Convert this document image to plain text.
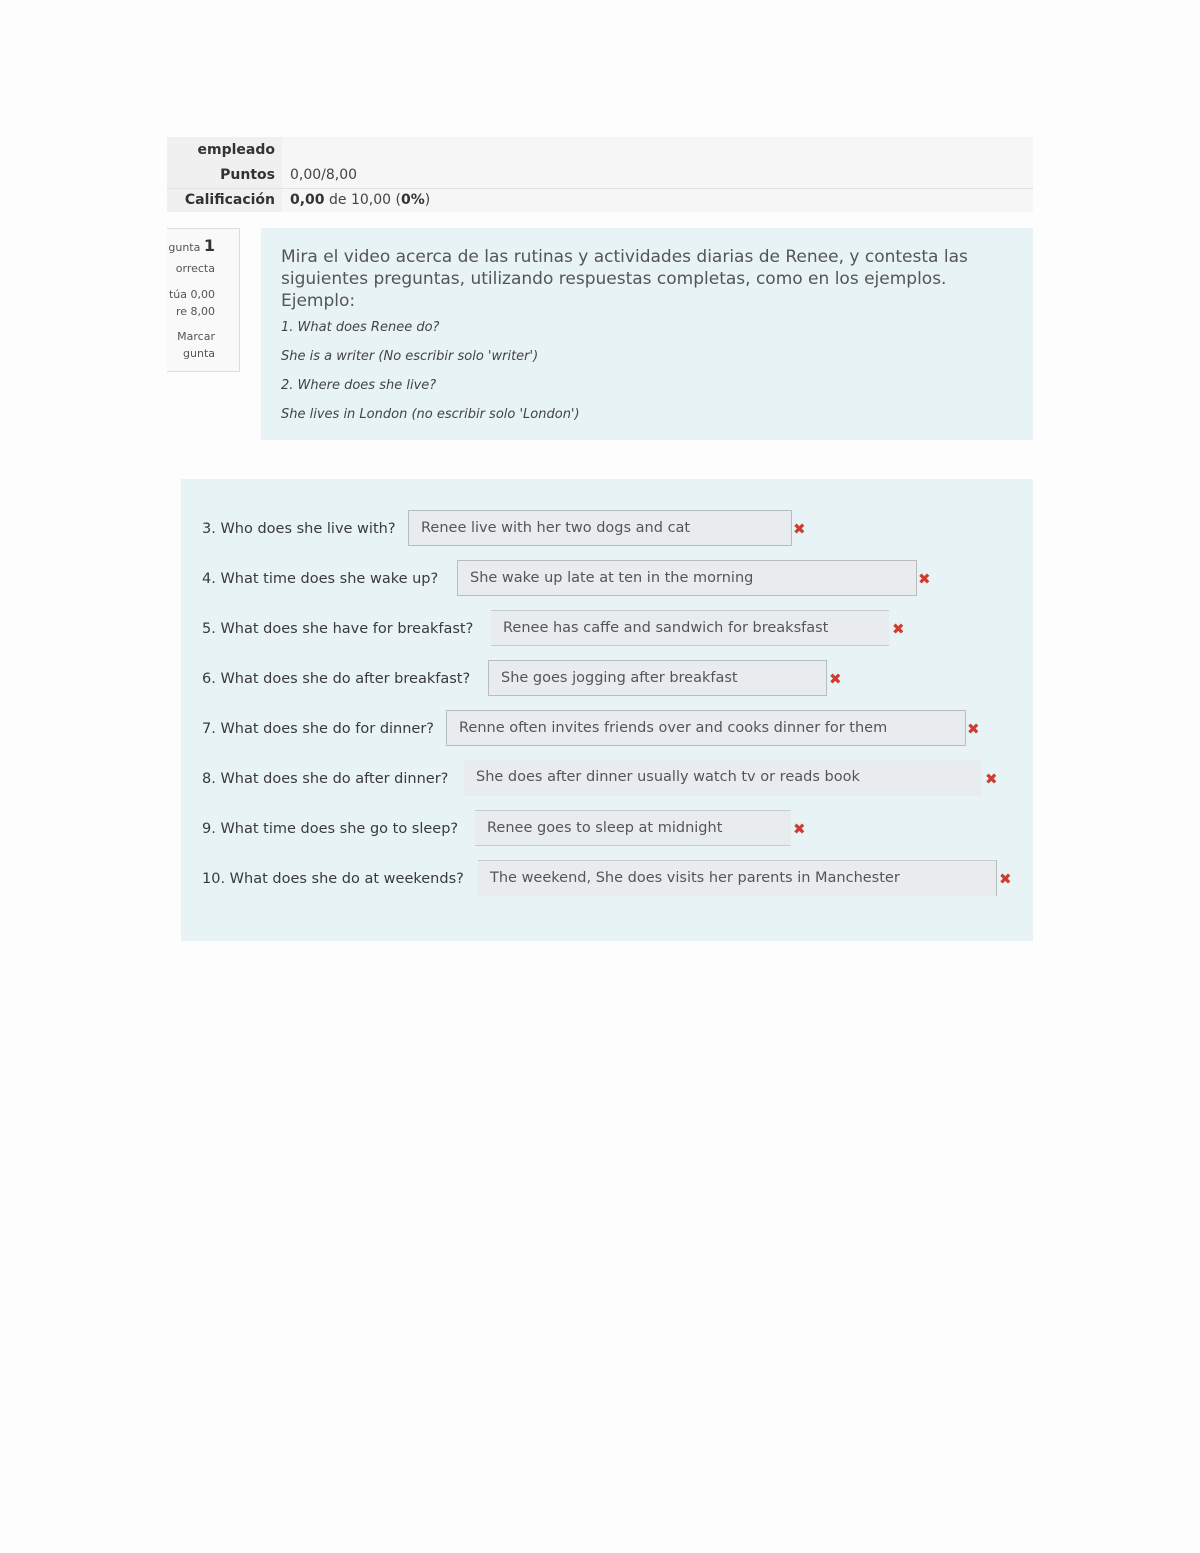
empleado
Puntos 0,00/8,00
Calificación 0,00 de 10,00 (0%)
gunta 1
orrecta
túa 0,00
re 8,00
Marcar
gunta
Mira el video acerca de las rutinas y actividades diarias de Renee, y contesta las siguientes preguntas, utilizando respuestas completas, como en los ejemplos. Ejemplo:
1. What does Renee do?
She is a writer (No escribir solo 'writer')
2. Where does she live?
She lives in London (no escribir solo 'London')
3. Who does she live with?	Renee live with her two dogs and cat	✖
4. What time does she wake up?	She wake up late at ten in the morning	✖
5. What does she have for breakfast?	Renee has caffe and sandwich for breaksfast	✖
6. What does she do after breakfast?	She goes jogging after breakfast	✖
7. What does she do for dinner?	Renne often invites friends over and cooks dinner for them	✖
8. What does she do after dinner?	She does after dinner usually watch tv or reads book	✖
9. What time does she go to sleep?	Renee goes to sleep at midnight	✖
10. What does she do at weekends?	The weekend, She does visits her parents in Manchester	✖
